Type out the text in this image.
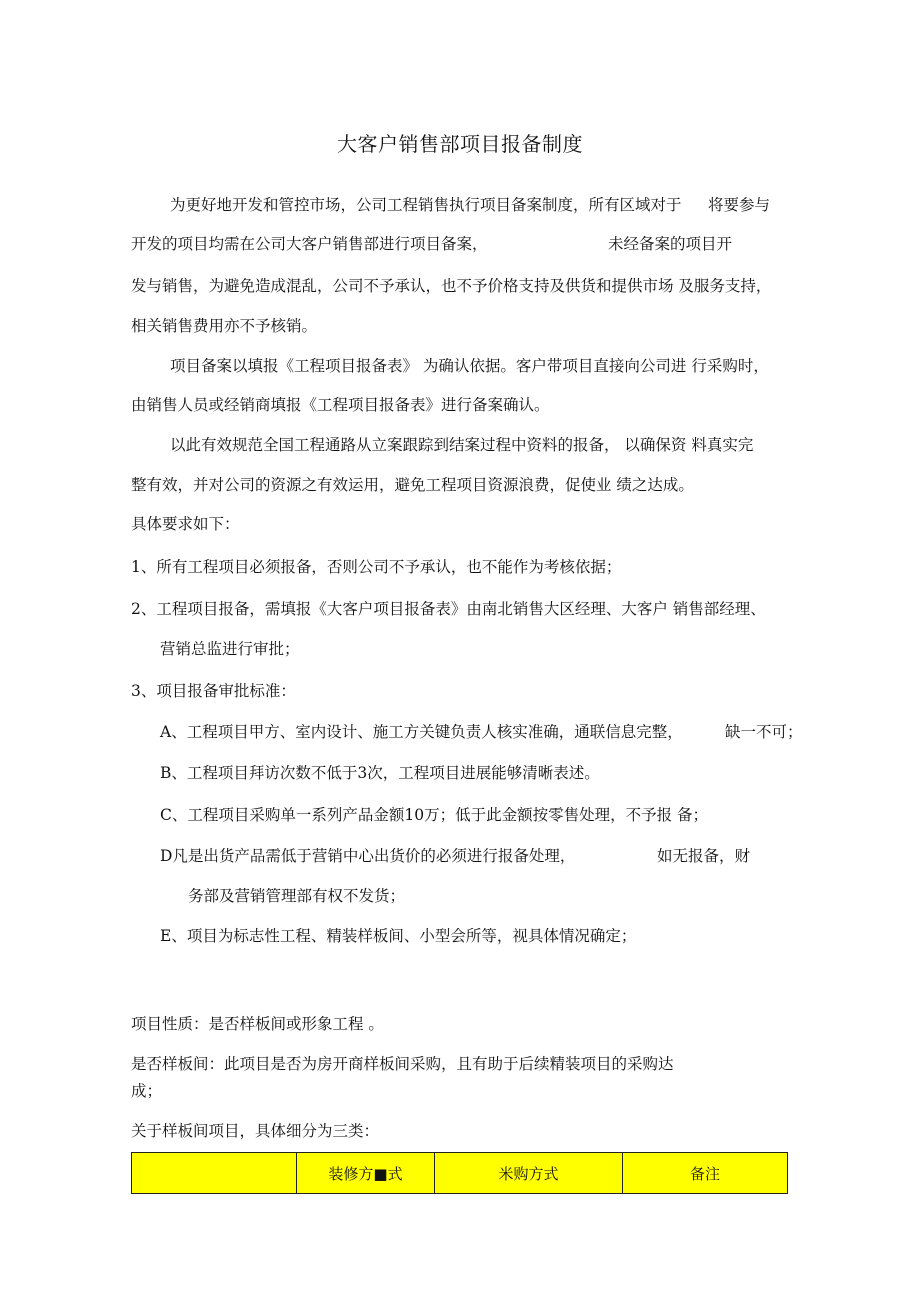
大客户销售部项目报备制度
为更好地开发和管控市场，公司工程销售执行项目备案制度，所有区域对于 将要参与
开发的项目均需在公司大客户销售部进行项目备案，	未经备案的项目开
发与销售，为避免造成混乱，公司不予承认，也不予价格支持及供货和提供市场 及服务支持，
相关销售费用亦不予核销。
项目备案以填报《工程项目报备表》 为确认依据。客户带项目直接向公司进 行采购时，
由销售人员或经销商填报《工程项目报备表》进行备案确认。
以此有效规范全国工程通路从立案跟踪到结案过程中资料的报备， 以确保资 料真实完
整有效，并对公司的资源之有效运用，避免工程项目资源浪费，促使业 绩之达成。
具体要求如下：
1、所有工程项目必须报备，否则公司不予承认，也不能作为考核依据；
2、工程项目报备，需填报《大客户项目报备表》由南北销售大区经理、大客户 销售部经理、
营销总监进行审批；
3、项目报备审批标准：
A、工程项目甲方、室内设计、施工方关键负责人核实准确，通联信息完整，	缺一不可；
B、工程项目拜访次数不低于3次，工程项目进展能够清晰表述。
C、工程项目采购单一系列产品金额10万；低于此金额按零售处理，不予报 备；
D凡是出货产品需低于营销中心出货价的必须进行报备处理，	如无报备，财
务部及营销管理部有权不发货；
E、项目为标志性工程、精装样板间、小型会所等，视具体情况确定；
项目性质：是否样板间或形象工程 。
是否样板间：此项目是否为房开商样板间采购，且有助于后续精装项目的采购达
成；
关于样板间项目，具体细分为三类：
	装修方■式	米购方式	备注
